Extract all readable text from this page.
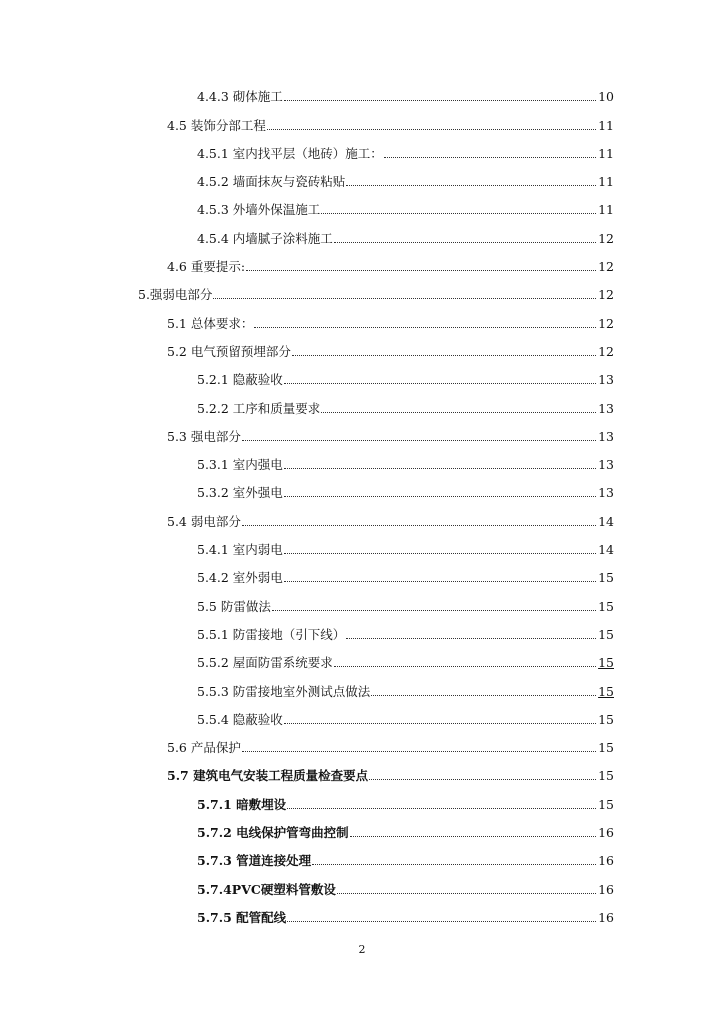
4.4.3 砌体施工	10
4.5 装饰分部工程	11
4.5.1 室内找平层（地砖）施工：	11
4.5.2 墙面抹灰与瓷砖粘贴	11
4.5.3 外墙外保温施工	11
4.5.4 内墙腻子涂料施工	12
4.6 重要提示:	12
5.强弱电部分	12
5.1 总体要求：	12
5.2 电气预留预埋部分	12
5.2.1 隐蔽验收	13
5.2.2 工序和质量要求	13
5.3 强电部分	13
5.3.1 室内强电	13
5.3.2 室外强电	13
5.4 弱电部分	14
5.4.1 室内弱电	14
5.4.2 室外弱电	15
5.5 防雷做法	15
5.5.1 防雷接地（引下线）	15
5.5.2 屋面防雷系统要求	15
5.5.3 防雷接地室外测试点做法	15
5.5.4 隐蔽验收	15
5.6 产品保护	15
5.7 建筑电气安装工程质量检查要点	15
5.7.1 暗敷埋设	15
5.7.2 电线保护管弯曲控制	16
5.7.3 管道连接处理	16
5.7.4PVC硬塑料管敷设	16
5.7.5 配管配线	16
2
